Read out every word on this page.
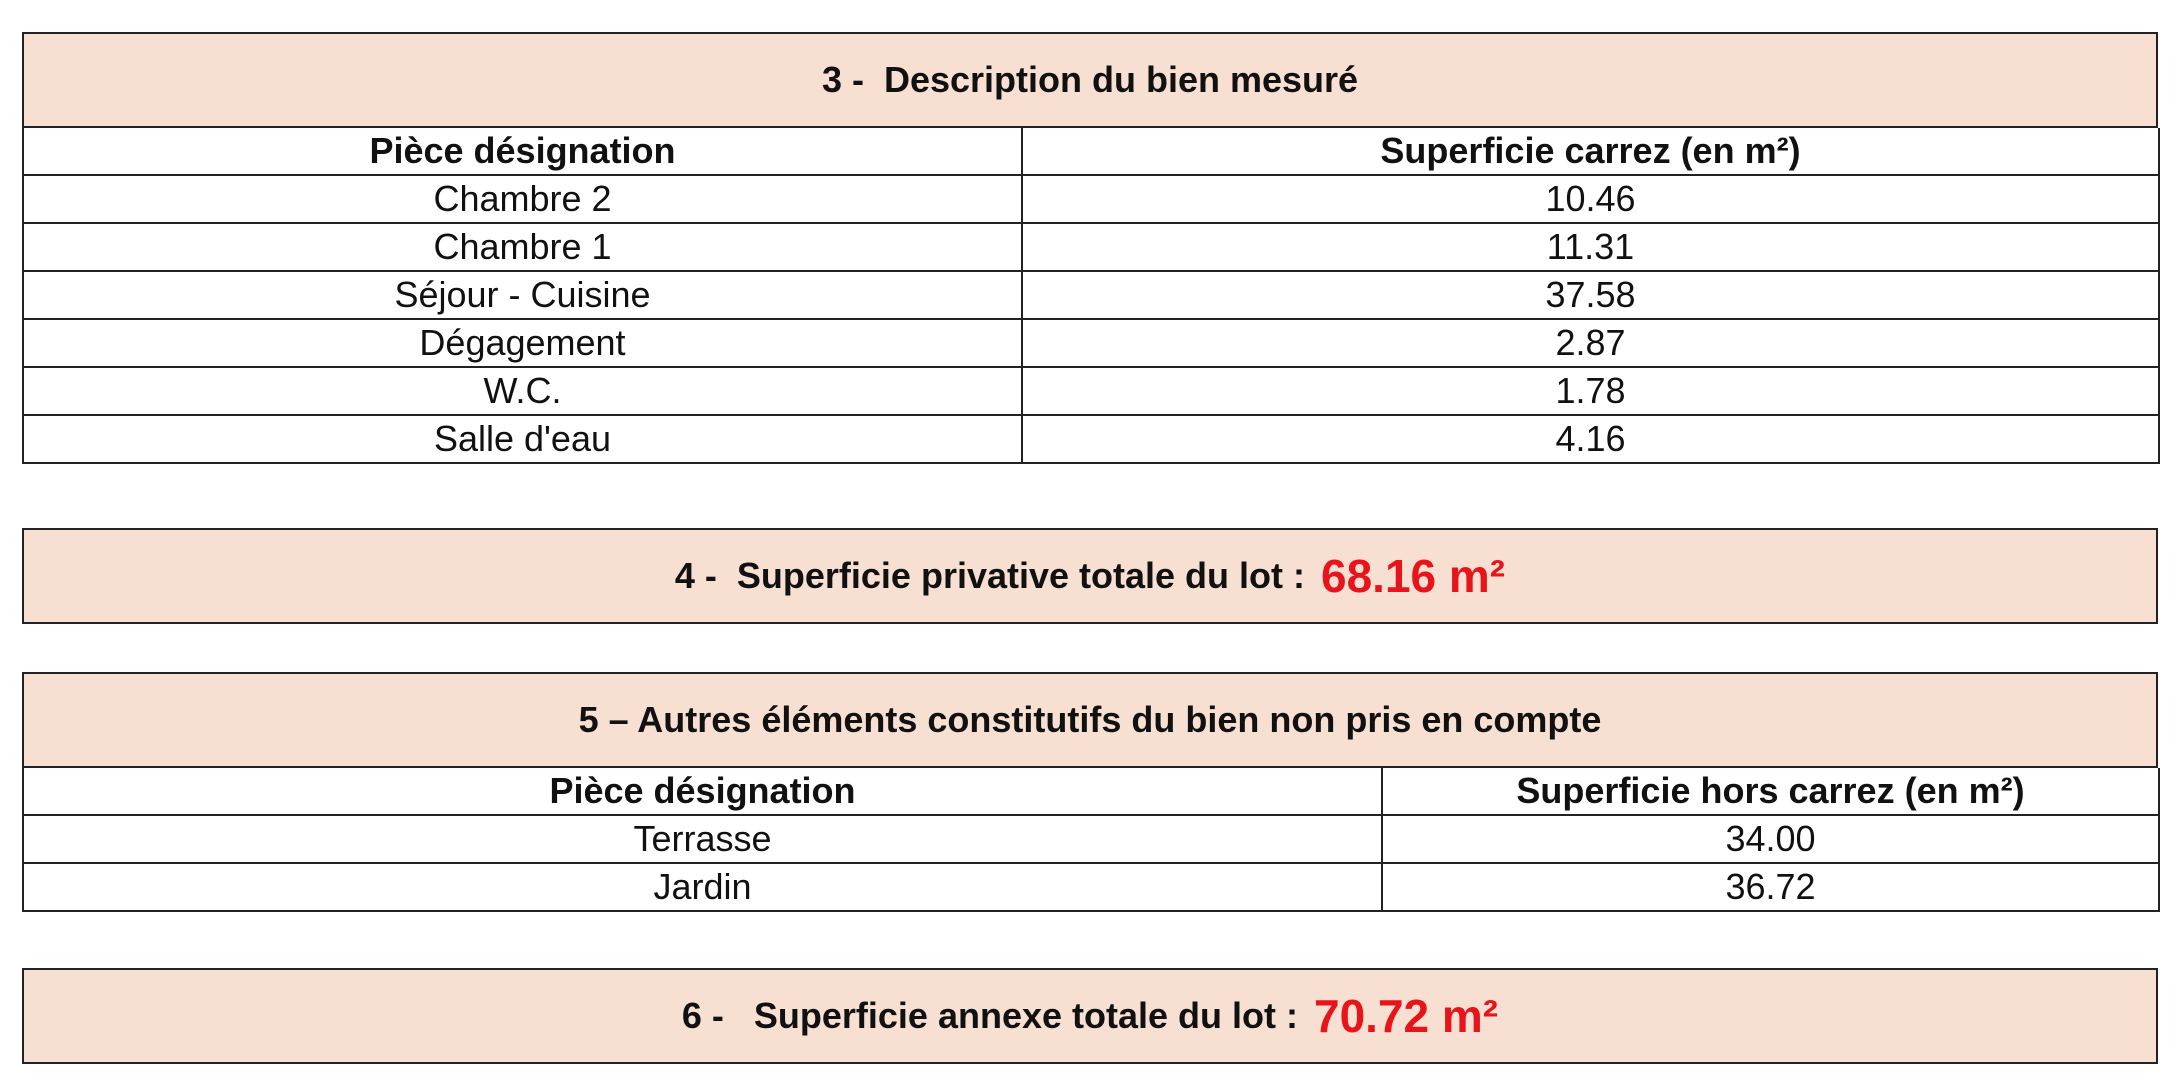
3 -  Description du bien mesuré
Pièce désignation	Superficie carrez (en m²)
Chambre 2	10.46
Chambre 1	11.31
Séjour - Cuisine	37.58
Dégagement	2.87
W.C.	1.78
Salle d'eau	4.16
4 -  Superficie privative totale du lot : 68.16 m²
5 – Autres éléments constitutifs du bien non pris en compte
Pièce désignation	Superficie hors carrez (en m²)
Terrasse	34.00
Jardin	36.72
6 -   Superficie annexe totale du lot : 70.72 m²
